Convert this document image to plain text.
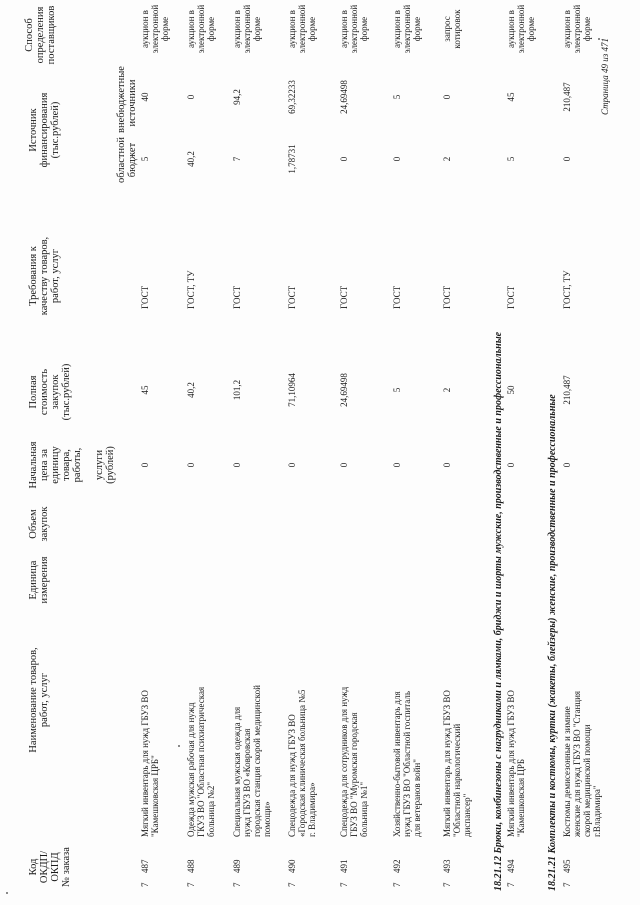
Код ОКДП/ ОКПД № заказа
Наименование товаров, работ, услуг
Единица измерения
Объем закупок
Начальная цена за единицу товара, работы,
услуги (рублей)
Полная стоимость закупок (тыс.рублей)
Требования к качеству товаров, работ, услуг
Источник финансирования (тыс.рублей)
областной бюджет
внебюджетные источники
Способ определения поставщиков
7
487
Мягкий инвентарь для нужд ГБУЗ ВО "Камешковская ЦРБ"
0
45
ГОСТ
5
40
аукцион в электронной форме
7
488
Одежда мужская рабочая для нужд ГКУЗ ВО "Областная психиатрическая больница №2"
0
40,2
ГОСТ, ТУ
40,2
0
аукцион в электронной форме
7
489
Специальная мужская одежда для нужд ГБУЗ ВО «Ковровская городская станция скорой медицинской помощи»
0
101,2
ГОСТ
7
94,2
аукцион в электронной форме
7
490
Спецодежда для нужд ГБУЗ ВО «Городская клиническая больница №5 г. Владимира»
0
71,10964
ГОСТ
1,78731
69,32233
аукцион в электронной форме
7
491
Спецодежда для сотрудников для нужд ГБУЗ ВО "Муромская городская больница №1"
0
24,69498
ГОСТ
0
24,69498
аукцион в электронной форме
7
492
Хозяйственно-бытовой инвентарь для нужд ГБУЗ ВО "Областной госпиталь для ветеранов войн"
0
5
ГОСТ
0
5
аукцион в электронной форме
7
493
Мягкий инвентарь для нужд ГБУЗ ВО "Областной наркологический диспансер"
0
2
ГОСТ
2
0
запрос котировок
18.21.12 Брюки, комбинезоны с нагрудниками и лямками, бриджи и шорты мужские, производственные и профессиональные
7
494
Мягкий инвентарь для нужд ГБУЗ ВО "Камешковская ЦРБ
0
50
ГОСТ
5
45
аукцион в электронной форме
18.21.21 Комплекты и костюмы, куртки (жакеты, блейзеры) женские, производственные и профессиональные
7
495
Костюмы демисезонные и зимние женские для нужд ГБУЗ ВО "Станция скорой медицинской помощи г.Владимира"
0
210,487
ГОСТ, ТУ
0
210,487
аукцион в электронной форме
Страница 49 из 471
